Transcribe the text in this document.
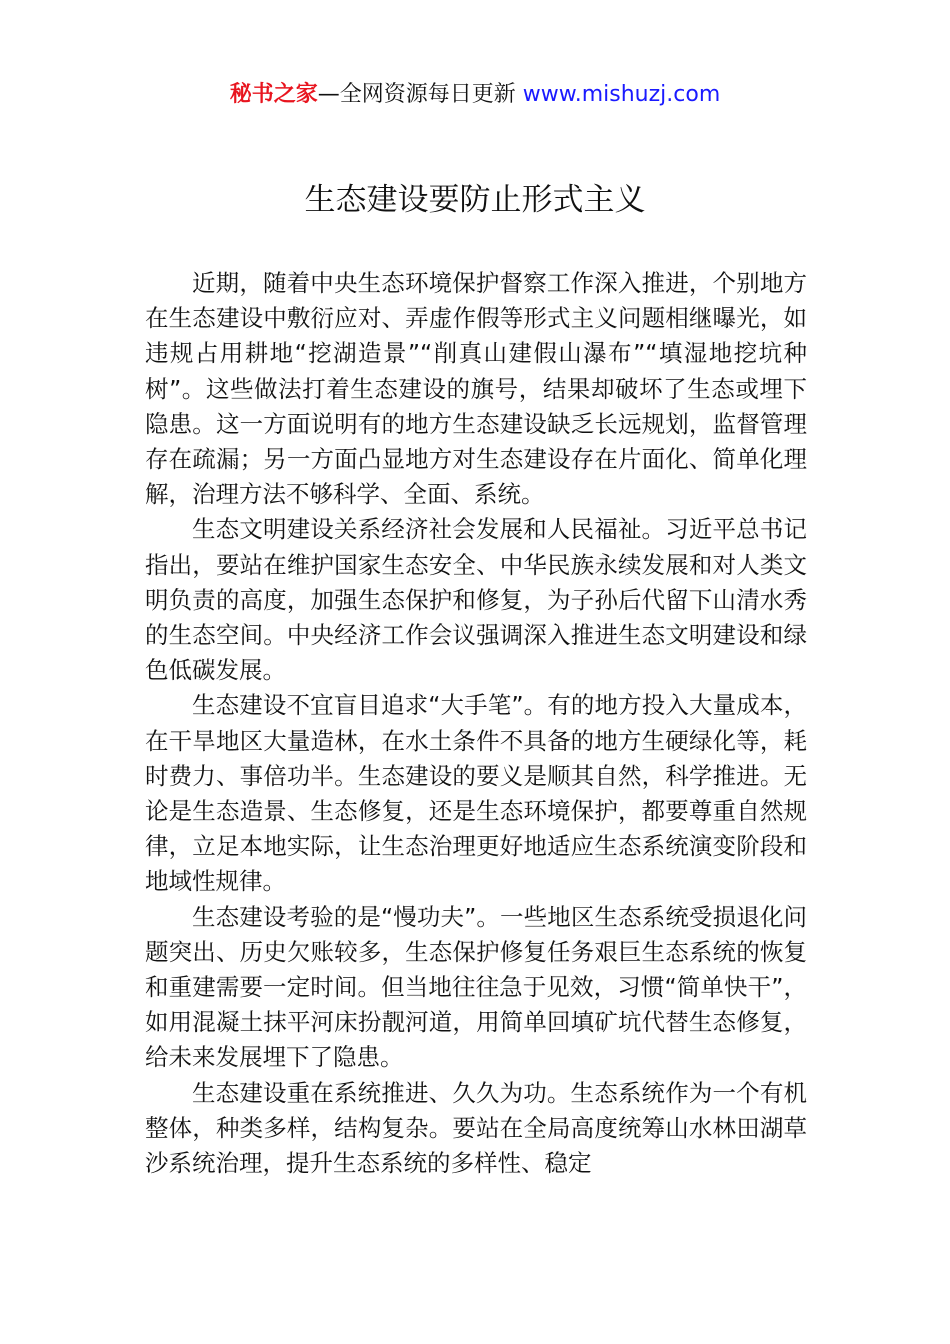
秘书之家—全网资源每日更新 www.mishuzj.com
生态建设要防止形式主义

近期，随着中央生态环境保护督察工作深入推进，个别地方在生态建设中敷衍应对、弄虚作假等形式主义问题相继曝光，如违规占用耕地“挖湖造景”“削真山建假山瀑布”“填湿地挖坑种树”。这些做法打着生态建设的旗号，结果却破坏了生态或埋下隐患。这一方面说明有的地方生态建设缺乏长远规划，监督管理存在疏漏；另一方面凸显地方对生态建设存在片面化、简单化理解，治理方法不够科学、全面、系统。

生态文明建设关系经济社会发展和人民福祉。习近平总书记指出，要站在维护国家生态安全、中华民族永续发展和对人类文明负责的高度，加强生态保护和修复，为子孙后代留下山清水秀的生态空间。中央经济工作会议强调深入推进生态文明建设和绿色低碳发展。

生态建设不宜盲目追求“大手笔”。有的地方投入大量成本，在干旱地区大量造林，在水土条件不具备的地方生硬绿化等，耗时费力、事倍功半。生态建设的要义是顺其自然，科学推进。无论是生态造景、生态修复，还是生态环境保护，都要尊重自然规律，立足本地实际，让生态治理更好地适应生态系统演变阶段和地域性规律。

生态建设考验的是“慢功夫”。一些地区生态系统受损退化问题突出、历史欠账较多，生态保护修复任务艰巨生态系统的恢复和重建需要一定时间。但当地往往急于见效，习惯“简单快干”，如用混凝土抹平河床扮靓河道，用简单回填矿坑代替生态修复，给未来发展埋下了隐患。

生态建设重在系统推进、久久为功。生态系统作为一个有机整体，种类多样，结构复杂。要站在全局高度统筹山水林田湖草沙系统治理，提升生态系统的多样性、稳定
